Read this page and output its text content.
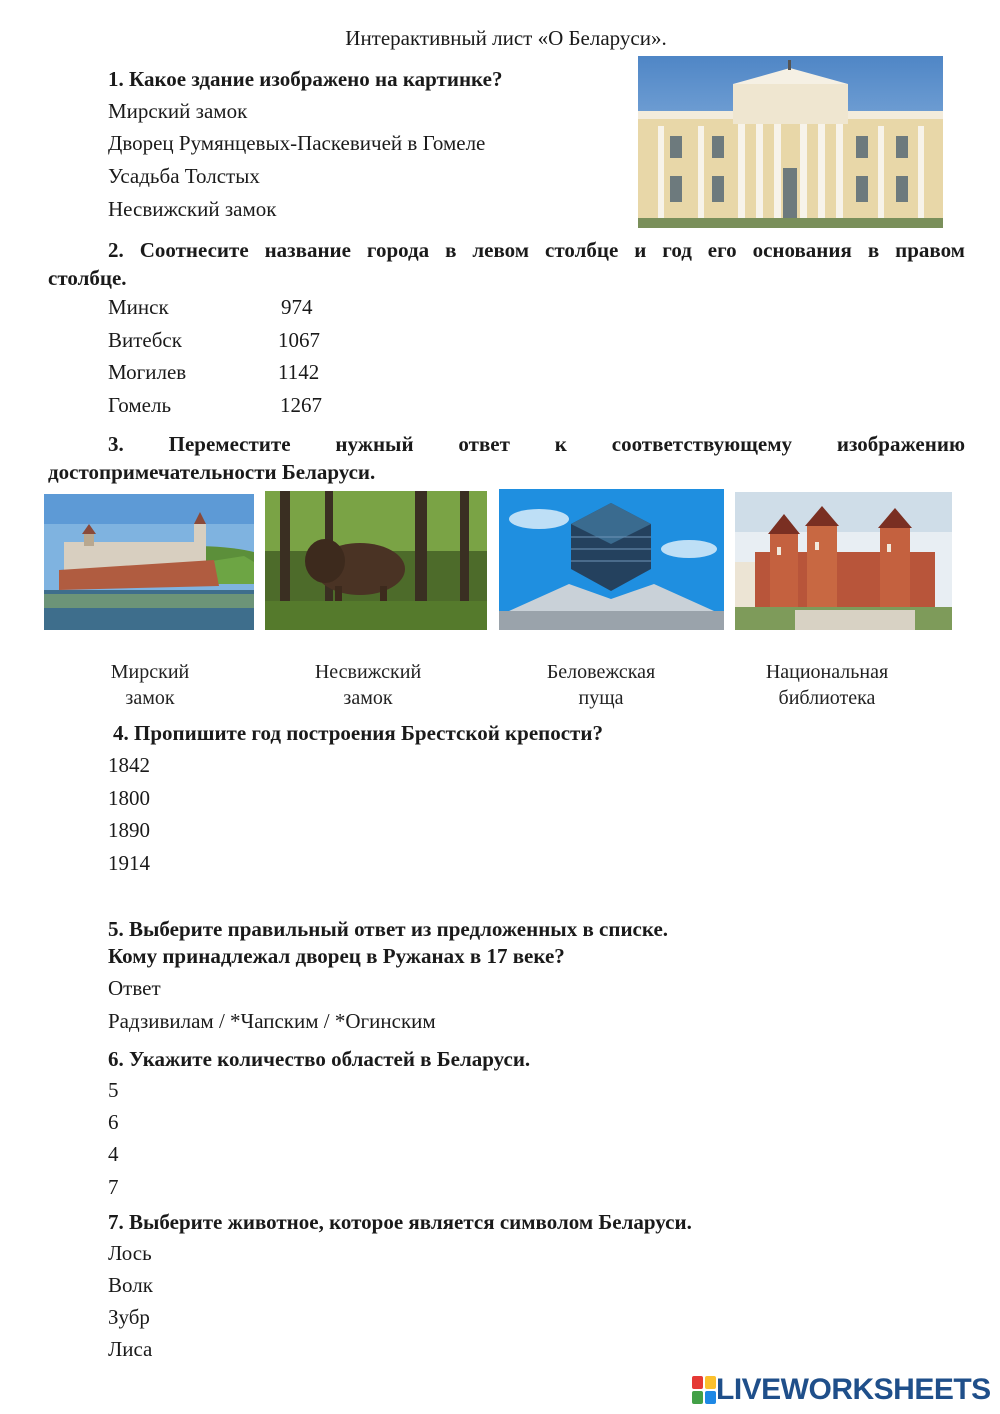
Интерактивный лист «О Беларуси».
1. Какое здание изображено на картинке?
Мирский замок
Дворец Румянцевых-Паскевичей в Гомеле
Усадьба Толстых
Несвижский замок
2. Соотнесите название города в левом столбце и год его основания в правом
столбце.
Минск
Витебск
Могилев
Гомель
974
1067
1142
1267
3. Переместите нужный ответ к соответствующему изображению
достопримечательности Беларуси.
Мирский
замок
Несвижский
замок
Беловежская
пуща
Национальная
библиотека
4. Пропишите год построения Брестской крепости?
1842
1800
1890
1914
5. Выберите правильный ответ из предложенных в списке.
Кому принадлежал дворец в Ружанах в 17 веке?
Ответ
Радзивилам / *Чапским / *Огинским
6. Укажите количество областей в Беларуси.
5
6
4
7
7. Выберите животное, которое является символом Беларуси.
Лось
Волк
Зубр
Лиса
LIVEWORKSHEETS
